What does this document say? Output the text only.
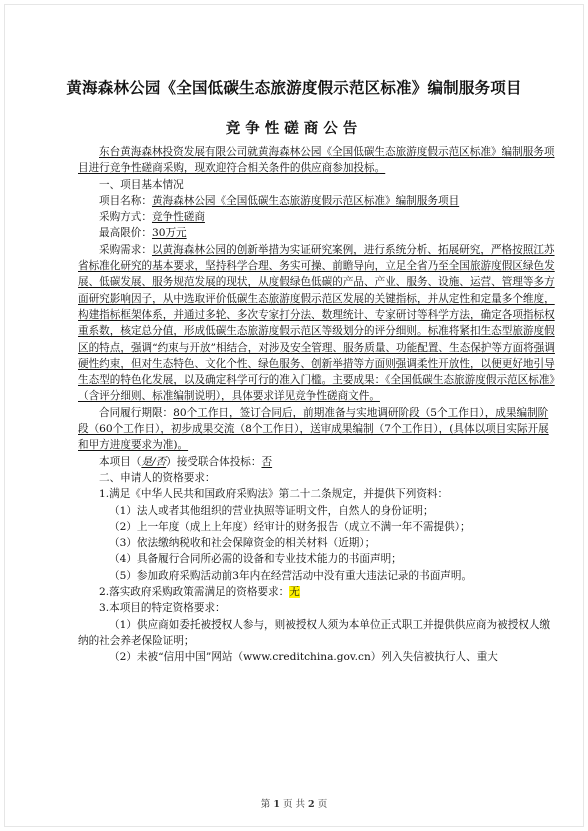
黄海森林公园《全国低碳生态旅游度假示范区标准》编制服务项目
竞争性磋商公告

东台黄海森林投资发展有限公司就黄海森林公园《全国低碳生态旅游度假示范区标准》编制服务项目进行竞争性磋商采购，现欢迎符合相关条件的供应商参加投标。

一、项目基本情况

项目名称：黄海森林公园《全国低碳生态旅游度假示范区标准》编制服务项目

采购方式：竞争性磋商

最高限价：30万元

采购需求：以黄海森林公园的创新举措为实证研究案例，进行系统分析、拓展研究，严格按照江苏省标准化研究的基本要求，坚持科学合理、务实可操、前瞻导向，立足全省乃至全国旅游度假区绿色发展、低碳发展、服务规范发展的现状，从度假绿色低碳的产品、产业、服务、设施、运营、管理等多方面研究影响因子，从中选取评价低碳生态旅游度假示范区发展的关键指标，并从定性和定量多个维度，构建指标框架体系，并通过多轮、多次专家打分法、数理统计、专家研讨等科学方法，确定各项指标权重系数，核定总分值，形成低碳生态旅游度假示范区等级划分的评分细则。标准将紧扣生态型旅游度假区的特点，强调“约束与开放”相结合，对涉及安全管理、服务质量、功能配置、生态保护等方面将强调硬性约束，但对生态特色、文化个性、绿色服务、创新举措等方面则强调柔性开放性，以便更好地引导生态型的特色化发展，以及确定科学可行的准入门槛。主要成果：《全国低碳生态旅游度假示范区标准》（含评分细则、标准编制说明），具体要求详见竞争性磋商文件。

合同履行期限：80个工作日，签订合同后，前期准备与实地调研阶段（5个工作日），成果编制阶段（60个工作日），初步成果交流（8个工作日），送审成果编制（7个工作日），(具体以项目实际开展和甲方进度要求为准)。

本项目（是/否）接受联合体投标：否

二、申请人的资格要求：

1.满足《中华人民共和国政府采购法》第二十二条规定，并提供下列资料：

（1）法人或者其他组织的营业执照等证明文件，自然人的身份证明；

（2）上一年度（成上上年度）经审计的财务报告（成立不满一年不需提供）；

（3）依法缴纳税收和社会保障资金的相关材料（近期）；

（4）具备履行合同所必需的设备和专业技术能力的书面声明；

（5）参加政府采购活动前3年内在经营活动中没有重大违法记录的书面声明。

2.落实政府采购政策需满足的资格要求：无

3.本项目的特定资格要求：

（1）供应商如委托被授权人参与，则被授权人须为本单位正式职工并提供供应商为被授权人缴纳的社会养老保险证明；

（2）未被“信用中国”网站（www.creditchina.gov.cn）列入失信被执行人、重大

第 1 页 共 2 页
